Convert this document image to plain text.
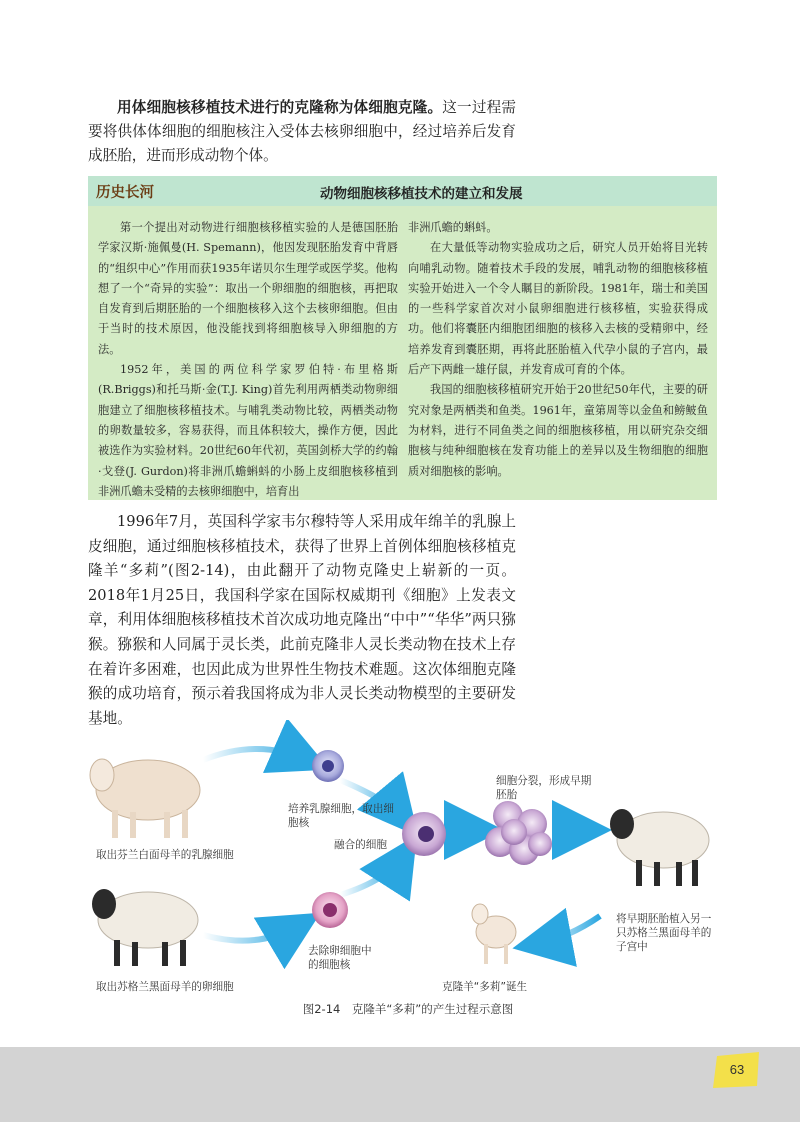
用体细胞核移植技术进行的克隆称为体细胞克隆。这一过程需要将供体体细胞的细胞核注入受体去核卵细胞中，经过培养后发育成胚胎，进而形成动物个体。
历史长河	动物细胞核移植技术的建立和发展

第一个提出对动物进行细胞核移植实验的人是德国胚胎学家汉斯·施佩曼(H. Spemann)，他因发现胚胎发育中背唇的“组织中心”作用而获1935年诺贝尔生理学或医学奖。他构想了一个“奇异的实验”：取出一个卵细胞的细胞核，再把取自发育到后期胚胎的一个细胞核移入这个去核卵细胞。但由于当时的技术原因，他没能找到将细胞核导入卵细胞的方法。

1952年，美国的两位科学家罗伯特·布里格斯(R.Briggs)和托马斯·金(T.J. King)首先利用两栖类动物卵细胞建立了细胞核移植技术。与哺乳类动物比较，两栖类动物的卵数量较多，容易获得，而且体积较大，操作方便，因此被选作为实验材料。20世纪60年代初，英国剑桥大学的约翰·戈登(J. Gurdon)将非洲爪蟾蝌蚪的小肠上皮细胞核移植到非洲爪蟾未受精的去核卵细胞中，培育出

非洲爪蟾的蝌蚪。

在大量低等动物实验成功之后，研究人员开始将目光转向哺乳动物。随着技术手段的发展，哺乳动物的细胞核移植实验开始进入一个令人瞩目的新阶段。1981年，瑞士和美国的一些科学家首次对小鼠卵细胞进行核移植，实验获得成功。他们将囊胚内细胞团细胞的核移入去核的受精卵中，经培养发育到囊胚期，再将此胚胎植入代孕小鼠的子宫内，最后产下两雌一雄仔鼠，并发育成可育的个体。

我国的细胞核移植研究开始于20世纪50年代，主要的研究对象是两栖类和鱼类。1961年，童第周等以金鱼和鳑鲏鱼为材料，进行不同鱼类之间的细胞核移植，用以研究杂交细胞核与纯种细胞核在发育功能上的差异以及生物细胞的细胞质对细胞核的影响。

1996年7月，英国科学家韦尔穆特等人采用成年绵羊的乳腺上皮细胞，通过细胞核移植技术，获得了世界上首例体细胞核移植克隆羊“多莉”(图2-14)，由此翻开了动物克隆史上崭新的一页。2018年1月25日，我国科学家在国际权威期刊《细胞》上发表文章，利用体细胞核移植技术首次成功地克隆出“中中”“华华”两只猕猴。猕猴和人同属于灵长类，此前克隆非人灵长类动物在技术上存在着许多困难，也因此成为世界性生物技术难题。这次体细胞克隆猴的成功培育，预示着我国将成为非人灵长类动物模型的主要研发基地。
取出芬兰白面母羊的乳腺细胞
培养乳腺细胞，取出细胞核
融合的细胞
细胞分裂，形成早期胚胎
取出苏格兰黑面母羊的卵细胞
去除卵细胞中的细胞核
克隆羊“多莉”诞生
将早期胚胎植入另一只苏格兰黑面母羊的子宫中
图2-14　克隆羊“多莉”的产生过程示意图
63
